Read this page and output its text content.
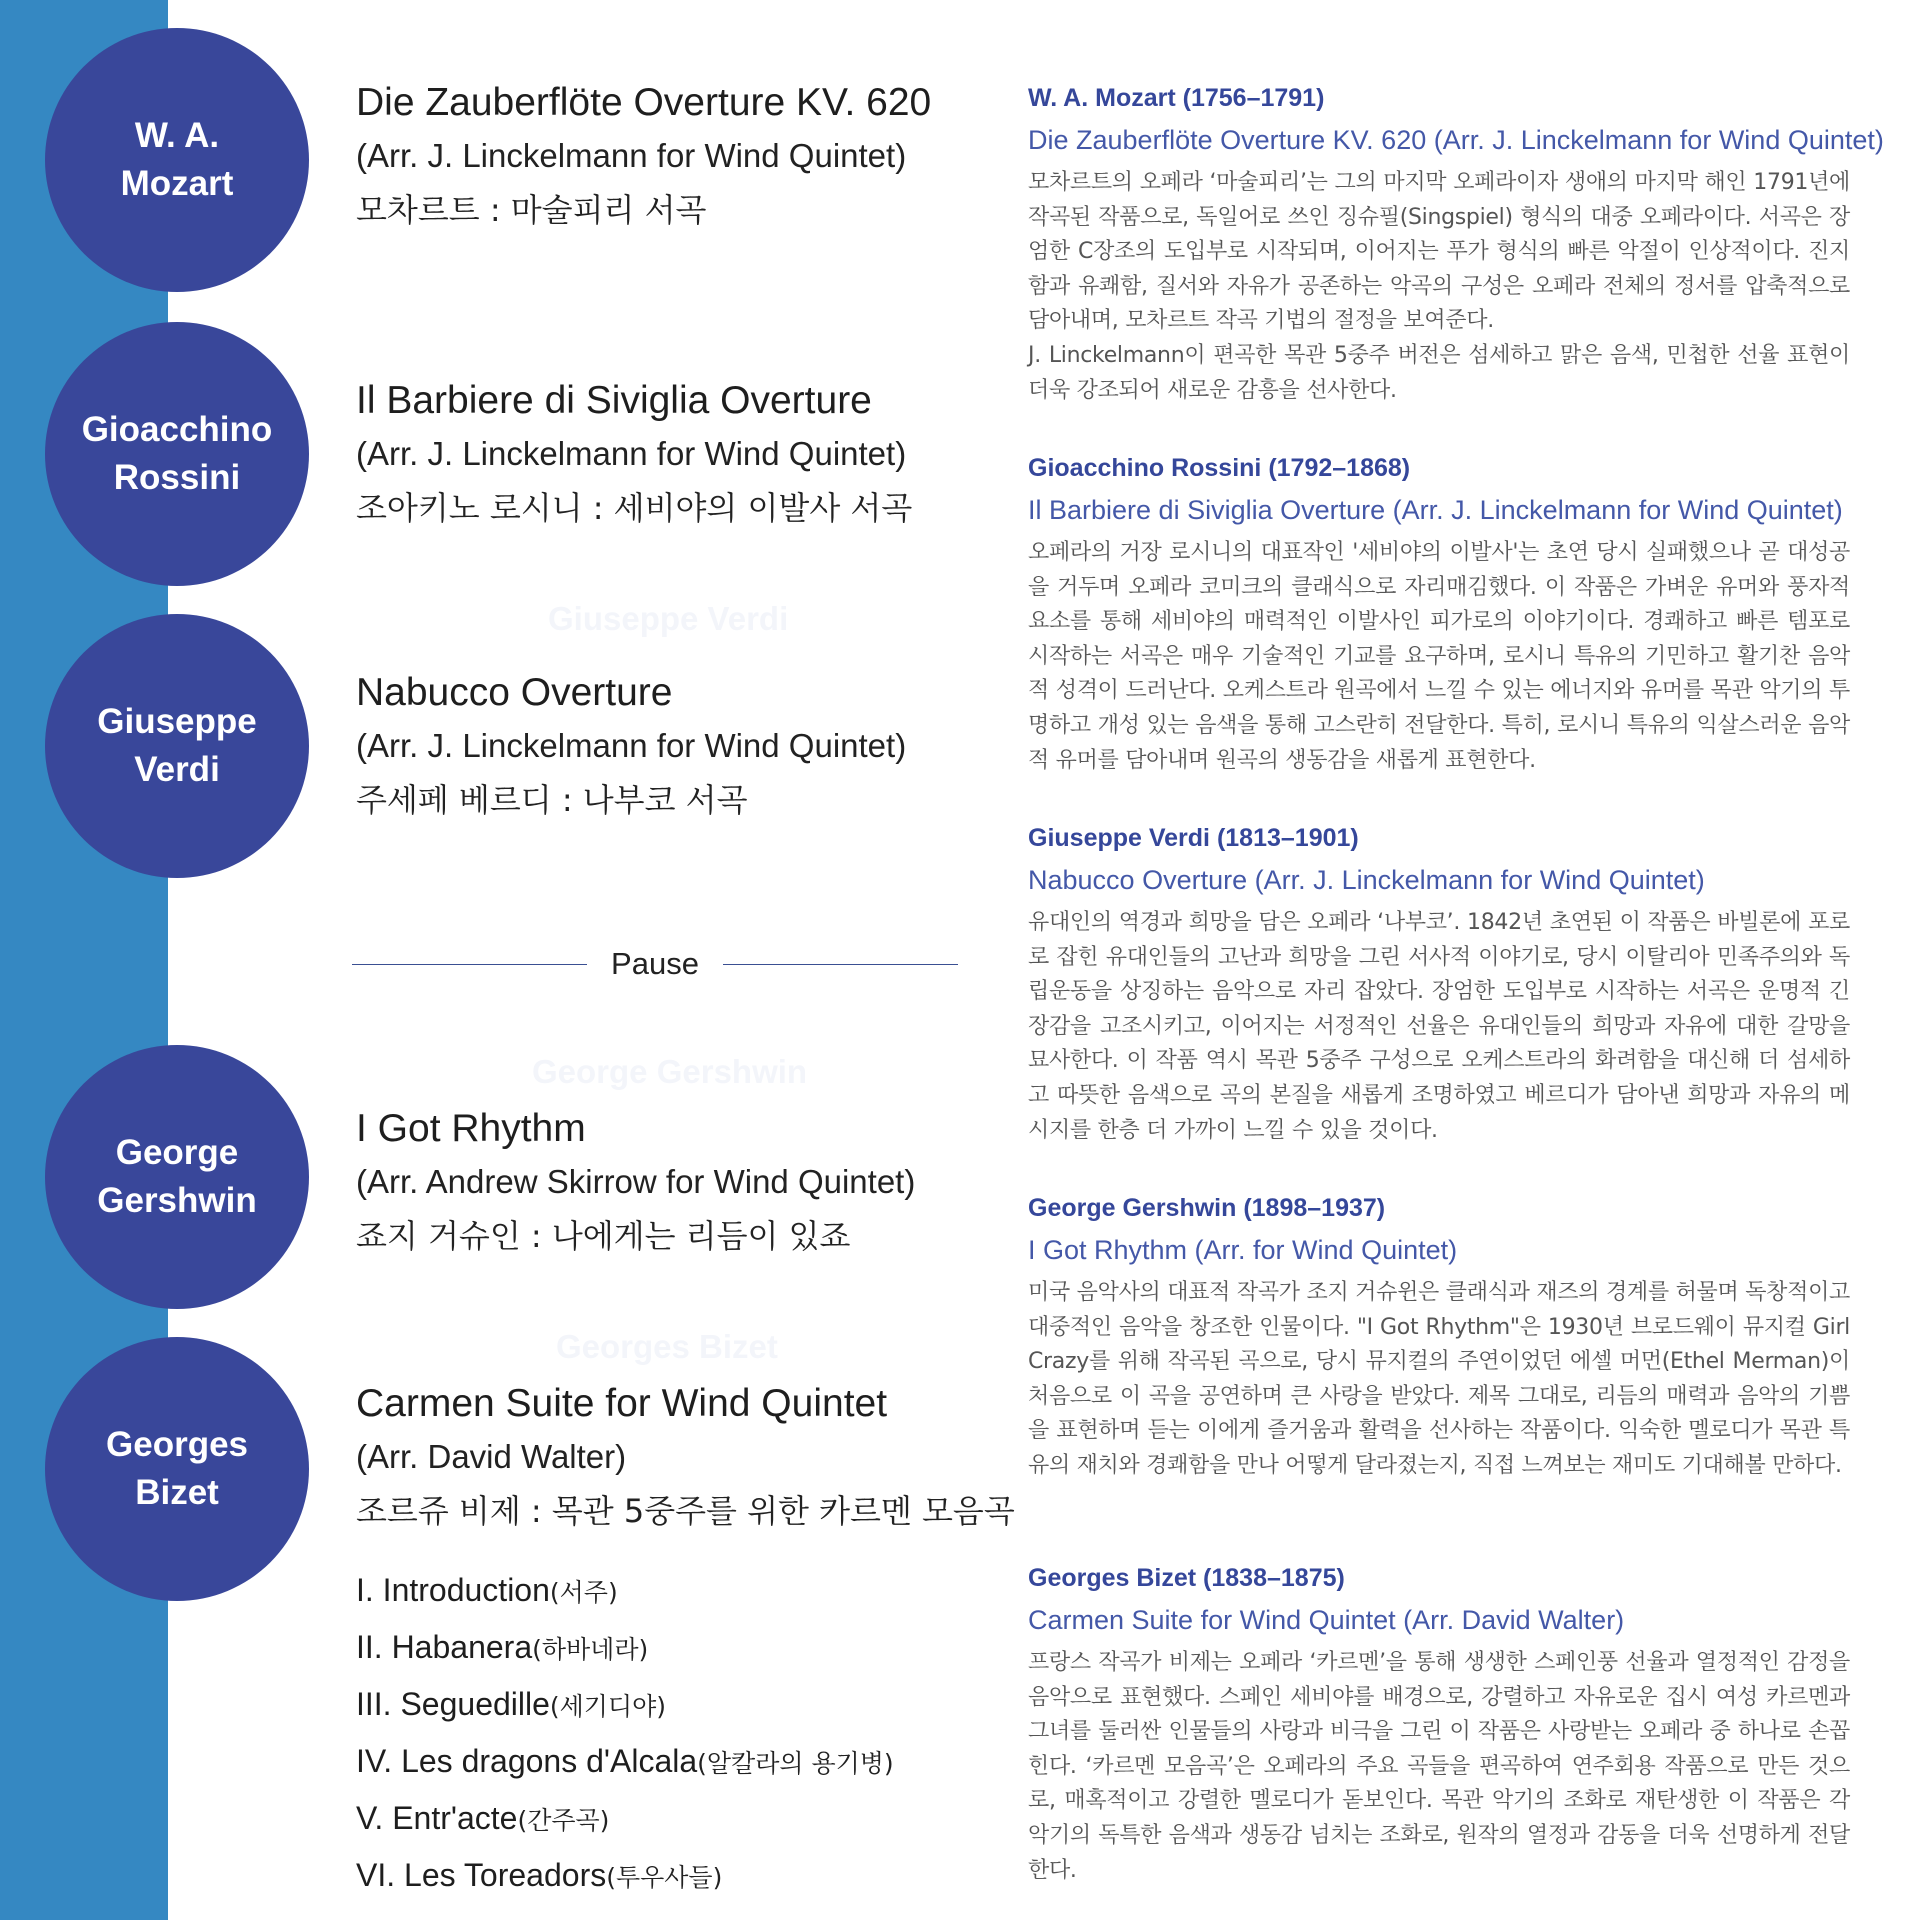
W. A.
Mozart
Gioacchino
Rossini
Giuseppe
Verdi
George
Gershwin
Georges
Bizet
Giuseppe Verdi
George Gershwin
Georges Bizet
Die Zauberflöte Overture KV. 620
(Arr. J. Linckelmann for Wind Quintet)
모차르트 : 마술피리 서곡
Il Barbiere di Siviglia Overture
(Arr. J. Linckelmann for Wind Quintet)
조아키노 로시니 : 세비야의 이발사 서곡
Nabucco Overture
(Arr. J. Linckelmann for Wind Quintet)
주세페 베르디 : 나부코 서곡
Pause
I Got Rhythm
(Arr. Andrew Skirrow for Wind Quintet)
죠지 거슈인 : 나에게는 리듬이 있죠
Carmen Suite for Wind Quintet
(Arr. David Walter)
조르쥬 비제 : 목관 5중주를 위한 카르멘 모음곡
I. Introduction(서주)
II. Habanera(하바네라)
III. Seguedille(세기디야)
IV. Les dragons d'Alcala(알칼라의 용기병)
V. Entr'acte(간주곡)
VI. Les Toreadors(투우사들)
W. A. Mozart (1756–1791)
Die Zauberflöte Overture KV. 620 (Arr. J. Linckelmann for Wind Quintet)
모차르트의 오페라 ‘마술피리’는 그의 마지막 오페라이자 생애의 마지막 해인 1791년에 작곡된 작품으로, 독일어로 쓰인 징슈필(Singspiel) 형식의 대중 오페라이다. 서곡은 장엄한 C장조의 도입부로 시작되며, 이어지는 푸가 형식의 빠른 악절이 인상적이다. 진지함과 유쾌함, 질서와 자유가 공존하는 악곡의 구성은 오페라 전체의 정서를 압축적으로 담아내며, 모차르트 작곡 기법의 절정을 보여준다.
J. Linckelmann이 편곡한 목관 5중주 버전은 섬세하고 맑은 음색, 민첩한 선율 표현이 더욱 강조되어 새로운 감흥을 선사한다.
Gioacchino Rossini (1792–1868)
Il Barbiere di Siviglia Overture (Arr. J. Linckelmann for Wind Quintet)
오페라의 거장 로시니의 대표작인 '세비야의 이발사'는 초연 당시 실패했으나 곧 대성공을 거두며 오페라 코미크의 클래식으로 자리매김했다. 이 작품은 가벼운 유머와 풍자적 요소를 통해 세비야의 매력적인 이발사인 피가로의 이야기이다. 경쾌하고 빠른 템포로 시작하는 서곡은 매우 기술적인 기교를 요구하며, 로시니 특유의 기민하고 활기찬 음악적 성격이 드러난다. 오케스트라 원곡에서 느낄 수 있는 에너지와 유머를 목관 악기의 투명하고 개성 있는 음색을 통해 고스란히 전달한다. 특히, 로시니 특유의 익살스러운 음악적 유머를 담아내며 원곡의 생동감을 새롭게 표현한다.
Giuseppe Verdi (1813–1901)
Nabucco Overture (Arr. J. Linckelmann for Wind Quintet)
유대인의 역경과 희망을 담은 오페라 ‘나부코’. 1842년 초연된 이 작품은 바빌론에 포로로 잡힌 유대인들의 고난과 희망을 그린 서사적 이야기로, 당시 이탈리아 민족주의와 독립운동을 상징하는 음악으로 자리 잡았다. 장엄한 도입부로 시작하는 서곡은 운명적 긴장감을 고조시키고, 이어지는 서정적인 선율은 유대인들의 희망과 자유에 대한 갈망을 묘사한다. 이 작품 역시 목관 5중주 구성으로 오케스트라의 화려함을 대신해 더 섬세하고 따뜻한 음색으로 곡의 본질을 새롭게 조명하였고 베르디가 담아낸 희망과 자유의 메시지를 한층 더 가까이 느낄 수 있을 것이다.
George Gershwin (1898–1937)
I Got Rhythm (Arr. for Wind Quintet)
미국 음악사의 대표적 작곡가 조지 거슈윈은 클래식과 재즈의 경계를 허물며 독창적이고 대중적인 음악을 창조한 인물이다. "I Got Rhythm"은 1930년 브로드웨이 뮤지컬 Girl Crazy를 위해 작곡된 곡으로, 당시 뮤지컬의 주연이었던 에셀 머먼(Ethel Merman)이 처음으로 이 곡을 공연하며 큰 사랑을 받았다. 제목 그대로, 리듬의 매력과 음악의 기쁨을 표현하며 듣는 이에게 즐거움과 활력을 선사하는 작품이다. 익숙한 멜로디가 목관 특유의 재치와 경쾌함을 만나 어떻게 달라졌는지, 직접 느껴보는 재미도 기대해볼 만하다.
Georges Bizet (1838–1875)
Carmen Suite for Wind Quintet (Arr. David Walter)
프랑스 작곡가 비제는 오페라 ‘카르멘’을 통해 생생한 스페인풍 선율과 열정적인 감정을 음악으로 표현했다. 스페인 세비야를 배경으로, 강렬하고 자유로운 집시 여성 카르멘과 그녀를 둘러싼 인물들의 사랑과 비극을 그린 이 작품은 사랑받는 오페라 중 하나로 손꼽힌다. ‘카르멘 모음곡’은 오페라의 주요 곡들을 편곡하여 연주회용 작품으로 만든 것으로, 매혹적이고 강렬한 멜로디가 돋보인다. 목관 악기의 조화로 재탄생한 이 작품은 각 악기의 독특한 음색과 생동감 넘치는 조화로, 원작의 열정과 감동을 더욱 선명하게 전달한다.
